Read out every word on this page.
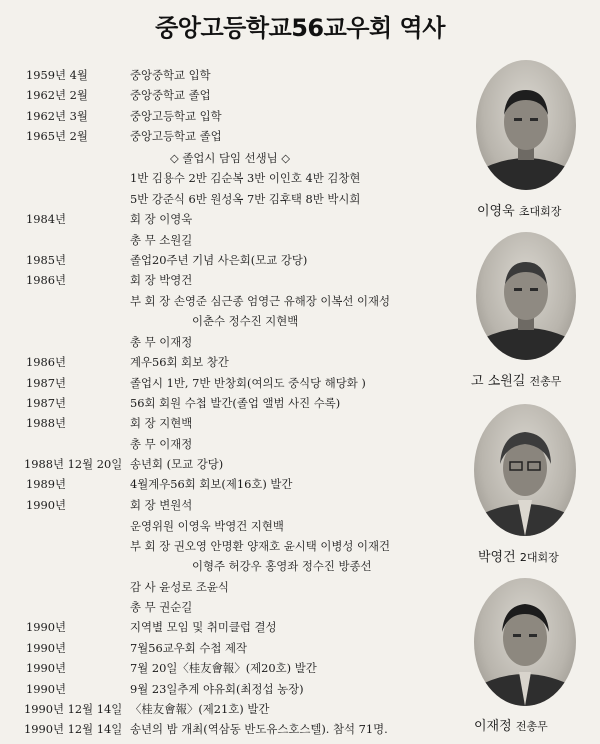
중앙고등학교56교우회 역사
1959년 4월	중앙중학교 입학
1962년 2월	중앙중학교 졸업
1962년 3월	중앙고등학교 입학
1965년 2월	중앙고등학교 졸업
◇ 졸업시 담임 선생님 ◇
1반 김용수 2반 김순복 3반 이인호 4반 김창현
5반 강준식 6반 원성옥 7반 김후택 8반 박시희
1984년	회 장 이영욱
총 무 소원길
1985년	졸업20주년 기념 사은회(모교 강당)
1986년	회 장 박영건
부 회 장 손영준 심근종 엄영근 유해장 이복선 이재성
이춘수 정수진 지현백
총 무 이재정
1986년	계우56회 회보 창간
1987년	졸업시 1반, 7반 반창회(여의도 중식당 해당화 )
1987년	56회 회원 수첩 발간(졸업 앨범 사진 수록)
1988년	회 장 지현백
총 무 이재정
1988년 12월 20일 송년회 (모교 강당)
1989년	4월계우56회 회보(제16호) 발간
1990년	회 장 변원석
운영위원 이영욱 박영건 지현백
부 회 장 권오영 안명환 양재호 윤시택 이병성 이재건
이형주 허강우 홍영좌 정수진 방종선
감 사 윤성로 조윤식
총 무 권순길
1990년	지역별 모임 및 취미클럽 결성
1990년	7월56교우회 수첩 제작
1990년	7월 20일〈桂友會報〉(제20호) 발간
1990년	9월 23일추계 야유회(최정섭 농장)
1990년 12월 14일 〈桂友會報〉(제21호) 발간
1990년 12월 14일 송년의 밤 개최(역삼동 반도유스호스텔). 참석 71명.
이영욱 초대회장
고 소원길 전총무
박영건 2대회장
이재정 전총무
